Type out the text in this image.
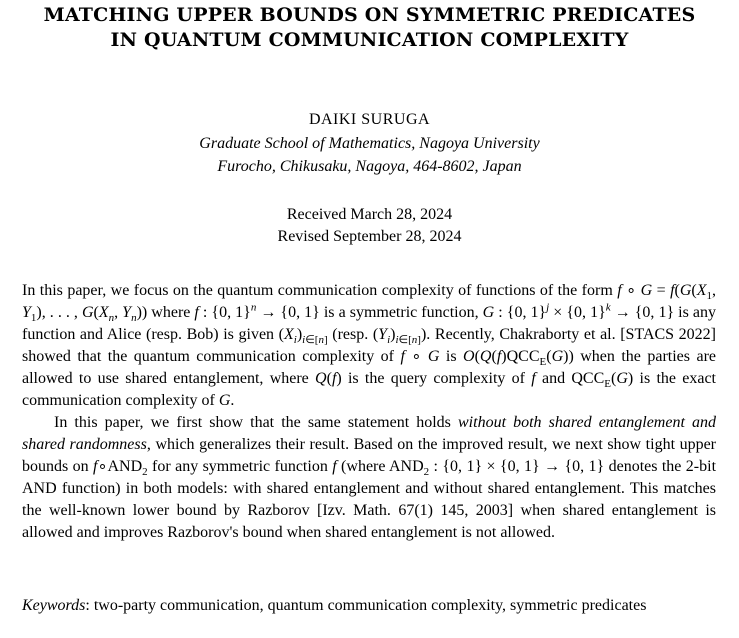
MATCHING UPPER BOUNDS ON SYMMETRIC PREDICATES
IN QUANTUM COMMUNICATION COMPLEXITY
DAIKI SURUGA
Graduate School of Mathematics, Nagoya University
Furocho, Chikusaku, Nagoya, 464-8602, Japan
Received March 28, 2024
Revised September 28, 2024

In this paper, we focus on the quantum communication complexity of functions of the form f ∘ $G = f(G(X_1$, $Y_1$), . . . , $G(X_n$, $Y_n$)) where f : {0, 1}$^n$ → {0, 1} is a symmetric function, G : {0, 1}$^j$ × {0, 1}$^k$ → {0, 1} is any function and Alice (resp. Bob) is given $(X_i)_{i\in[n]}$ (resp. $(Y_i)_{i\in[n]}$). Recently, Chakraborty et al. [STACS 2022] showed that the quantum communication complexity of f ∘ G is $O(Q(f)QCC_E(G))$ when the parties are allowed to use shared entanglement, where Q(f) is the query complexity of f and $QCC_E(G)$ is the exact communication complexity of G.

In this paper, we first show that the same statement holds without both shared entanglement and shared randomness, which generalizes their result. Based on the improved result, we next show tight upper bounds on $f\circ AND_2$ for any symmetric function f (where $AND_2$ : {0, 1} × {0, 1} → {0, 1} denotes the 2-bit AND function) in both models: with shared entanglement and without shared entanglement. This matches the well-known lower bound by Razborov [Izv. Math. 67(1) 145, 2003] when shared entanglement is allowed and improves Razborov's bound when shared entanglement is not allowed.

Keywords: two-party communication, quantum communication complexity, symmetric predicates
